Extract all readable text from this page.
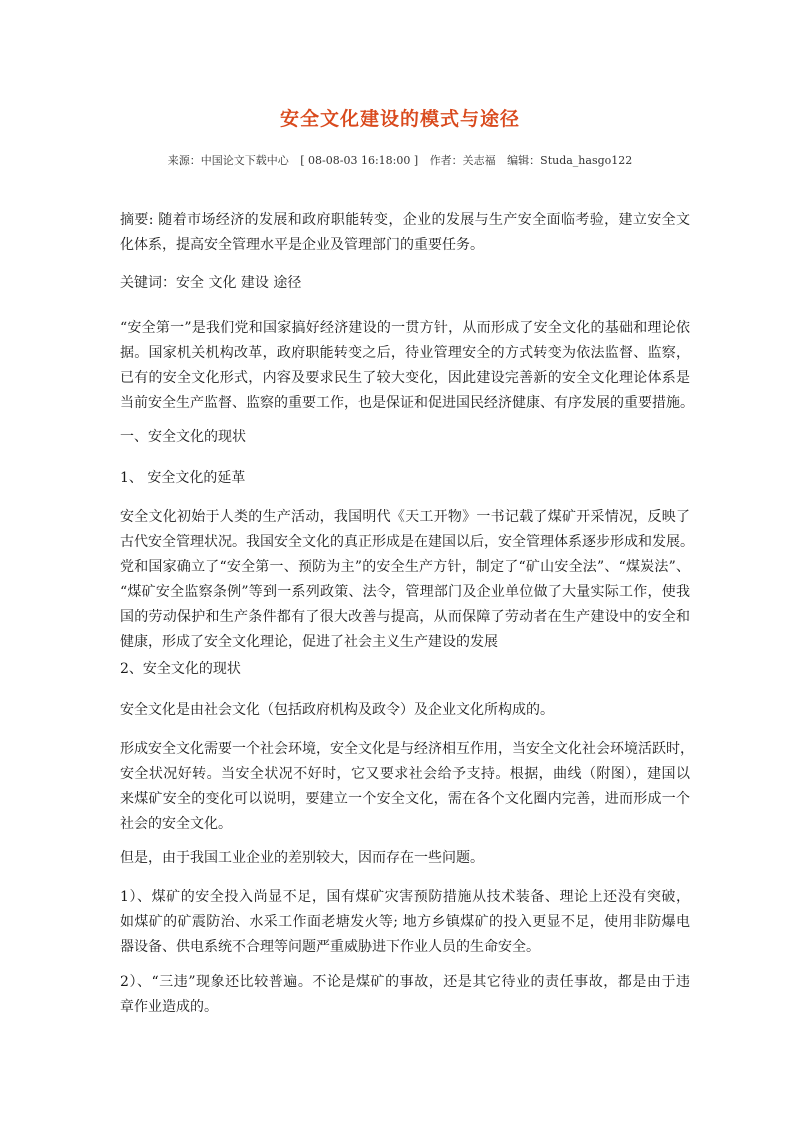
安全文化建设的模式与途径
来源：中国论文下载中心 [ 08-08-03 16:18:00 ] 作者：关志福 编辑：Studa_hasgo122
摘要: 随着市场经济的发展和政府职能转变，企业的发展与生产安全面临考验，建立安全文
化体系，提高安全管理水平是企业及管理部门的重要任务。
关键词：安全 文化 建设 途径
“安全第一”是我们党和国家搞好经济建设的一贯方针，从而形成了安全文化的基础和理论依
据。国家机关机构改革，政府职能转变之后，待业管理安全的方式转变为依法监督、监察，
已有的安全文化形式，内容及要求民生了较大变化，因此建设完善新的安全文化理论体系是
当前安全生产监督、监察的重要工作，也是保证和促进国民经济健康、有序发展的重要措施。
一、安全文化的现状
1、 安全文化的延革
安全文化初始于人类的生产活动，我国明代《天工开物》一书记载了煤矿开采情况，反映了
古代安全管理状况。我国安全文化的真正形成是在建国以后，安全管理体系逐步形成和发展。
党和国家确立了“安全第一、预防为主”的安全生产方针，制定了“矿山安全法”、“煤炭法”、
“煤矿安全监察条例”等到一系列政策、法令，管理部门及企业单位做了大量实际工作，使我
国的劳动保护和生产条件都有了很大改善与提高，从而保障了劳动者在生产建设中的安全和
健康，形成了安全文化理论，促进了社会主义生产建设的发展
2、安全文化的现状
安全文化是由社会文化（包括政府机构及政令）及企业文化所构成的。
形成安全文化需要一个社会环境，安全文化是与经济相互作用，当安全文化社会环境活跃时，
安全状况好转。当安全状况不好时，它又要求社会给予支持。根据，曲线（附图），建国以
来煤矿安全的变化可以说明，要建立一个安全文化，需在各个文化圈内完善，进而形成一个
社会的安全文化。
但是，由于我国工业企业的差别较大，因而存在一些问题。
1）、煤矿的安全投入尚显不足，国有煤矿灾害预防措施从技术装备、理论上还没有突破，
如煤矿的矿震防治、水采工作面老塘发火等; 地方乡镇煤矿的投入更显不足，使用非防爆电
器设备、供电系统不合理等问题严重威胁进下作业人员的生命安全。
2）、“三违”现象还比较普遍。不论是煤矿的事故，还是其它待业的责任事故，都是由于违
章作业造成的。
